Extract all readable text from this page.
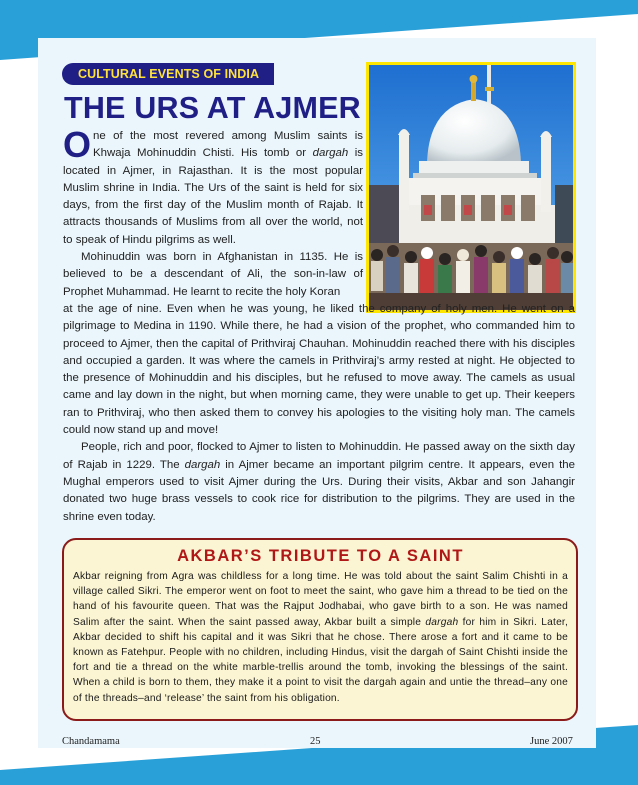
CULTURAL EVENTS OF INDIA
THE URS AT AJMER

One of the most revered among Muslim saints is Khwaja Mohinuddin Chisti. His tomb or dargah is located in Ajmer, in Rajasthan. It is the most popular Muslim shrine in India. The Urs of the saint is held for six days, from the first day of the Muslim month of Rajab. It attracts thousands of Muslims from all over the world, not to speak of Hindu pilgrims as well.

Mohinuddin was born in Afghanistan in 1135. He is believed to be a descendant of Ali, the son-in-law of Prophet Muhammad. He learnt to recite the holy Koran

at the age of nine. Even when he was young, he liked the company of holy men. He went on a pilgrimage to Medina in 1190. While there, he had a vision of the prophet, who commanded him to proceed to Ajmer, then the capital of Prithviraj Chauhan. Mohinuddin reached there with his disciples and occupied a garden. It was where the camels in Prithviraj’s army rested at night. He objected to the presence of Mohinuddin and his disciples, but he refused to move away. The camels as usual came and lay down in the night, but when morning came, they were unable to get up. Their keepers ran to Prithviraj, who then asked them to convey his apologies to the visiting holy man. The camels could now stand up and move!

People, rich and poor, flocked to Ajmer to listen to Mohinuddin. He passed away on the sixth day of Rajab in 1229. The dargah in Ajmer became an important pilgrim centre. It appears, even the Mughal emperors used to visit Ajmer during the Urs. During their visits, Akbar and son Jahangir donated two huge brass vessels to cook rice for distribution to the pilgrims. They are used in the shrine even today.

AKBAR’S TRIBUTE TO A SAINT
Akbar reigning from Agra was childless for a long time. He was told about the saint Salim Chishti in a village called Sikri. The emperor went on foot to meet the saint, who gave him a thread to be tied on the hand of his favourite queen. That was the Rajput Jodhabai, who gave birth to a son. He was named Salim after the saint. When the saint passed away, Akbar built a simple dargah for him in Sikri. Later, Akbar decided to shift his capital and it was Sikri that he chose. There arose a fort and it came to be known as Fatehpur. People with no children, including Hindus, visit the dargah of Saint Chishti inside the fort and tie a thread on the white marble-trellis around the tomb, invoking the blessings of the saint. When a child is born to them, they make it a point to visit the dargah again and untie the thread–any one of the threads–and ‘release’ the saint from his obligation.
Chandamama	25	June 2007
